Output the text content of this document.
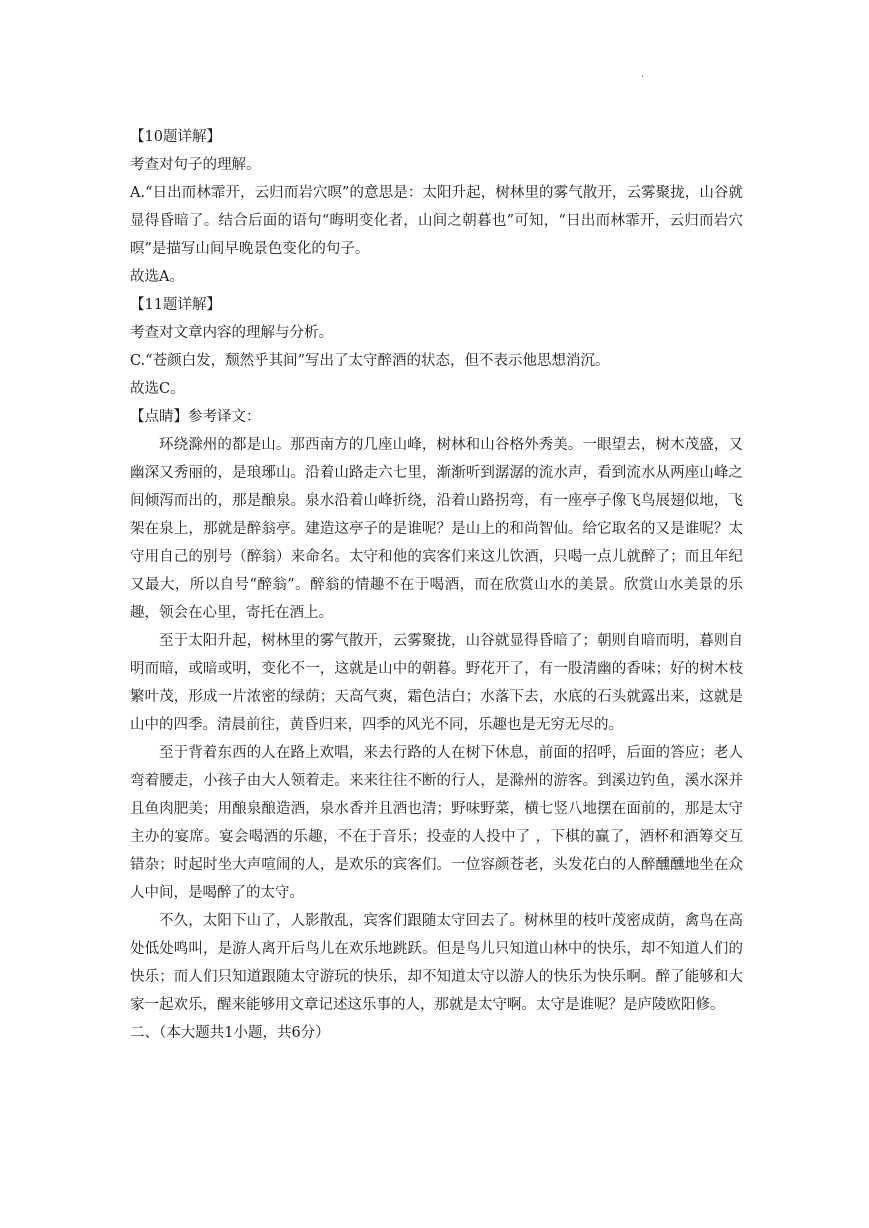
·

【10题详解】

考查对句子的理解。

A.“日出而林霏开，云归而岩穴暝”的意思是：太阳升起，树林里的雾气散开，云雾聚拢，山谷就显得昏暗了。结合后面的语句“晦明变化者，山间之朝暮也”可知，“日出而林霏开，云归而岩穴暝”是描写山间早晚景色变化的句子。

故选A。

【11题详解】

考查对文章内容的理解与分析。

C.“苍颜白发，颓然乎其间”写出了太守醉酒的状态，但不表示他思想消沉。

故选C。

【点睛】参考译文：

环绕滁州的都是山。那西南方的几座山峰，树林和山谷格外秀美。一眼望去，树木茂盛，又幽深又秀丽的，是琅琊山。沿着山路走六七里，渐渐听到潺潺的流水声，看到流水从两座山峰之间倾泻而出的，那是酿泉。泉水沿着山峰折绕，沿着山路拐弯，有一座亭子像飞鸟展翅似地，飞架在泉上，那就是醉翁亭。建造这亭子的是谁呢？是山上的和尚智仙。给它取名的又是谁呢？太守用自己的别号（醉翁）来命名。太守和他的宾客们来这儿饮酒，只喝一点儿就醉了；而且年纪又最大，所以自号“醉翁”。醉翁的情趣不在于喝酒，而在欣赏山水的美景。欣赏山水美景的乐趣，领会在心里，寄托在酒上。

至于太阳升起，树林里的雾气散开，云雾聚拢，山谷就显得昏暗了；朝则自暗而明，暮则自明而暗，或暗或明，变化不一，这就是山中的朝暮。野花开了，有一股清幽的香味；好的树木枝繁叶茂，形成一片浓密的绿荫；天高气爽，霜色洁白；水落下去，水底的石头就露出来，这就是山中的四季。清晨前往，黄昏归来，四季的风光不同，乐趣也是无穷无尽的。

至于背着东西的人在路上欢唱，来去行路的人在树下休息，前面的招呼，后面的答应；老人弯着腰走，小孩子由大人领着走。来来往往不断的行人，是滁州的游客。到溪边钓鱼，溪水深并且鱼肉肥美；用酿泉酿造酒，泉水香并且酒也清；野味野菜，横七竖八地摆在面前的，那是太守主办的宴席。宴会喝酒的乐趣，不在于音乐；投壶的人投中了 ，下棋的赢了，酒杯和酒筹交互错杂；时起时坐大声喧闹的人，是欢乐的宾客们。一位容颜苍老，头发花白的人醉醺醺地坐在众人中间，是喝醉了的太守。

不久，太阳下山了，人影散乱，宾客们跟随太守回去了。树林里的枝叶茂密成荫，禽鸟在高处低处鸣叫，是游人离开后鸟儿在欢乐地跳跃。但是鸟儿只知道山林中的快乐，却不知道人们的快乐；而人们只知道跟随太守游玩的快乐，却不知道太守以游人的快乐为快乐啊。醉了能够和大家一起欢乐，醒来能够用文章记述这乐事的人，那就是太守啊。太守是谁呢？是庐陵欧阳修。

二、（本大题共1小题，共6分）
